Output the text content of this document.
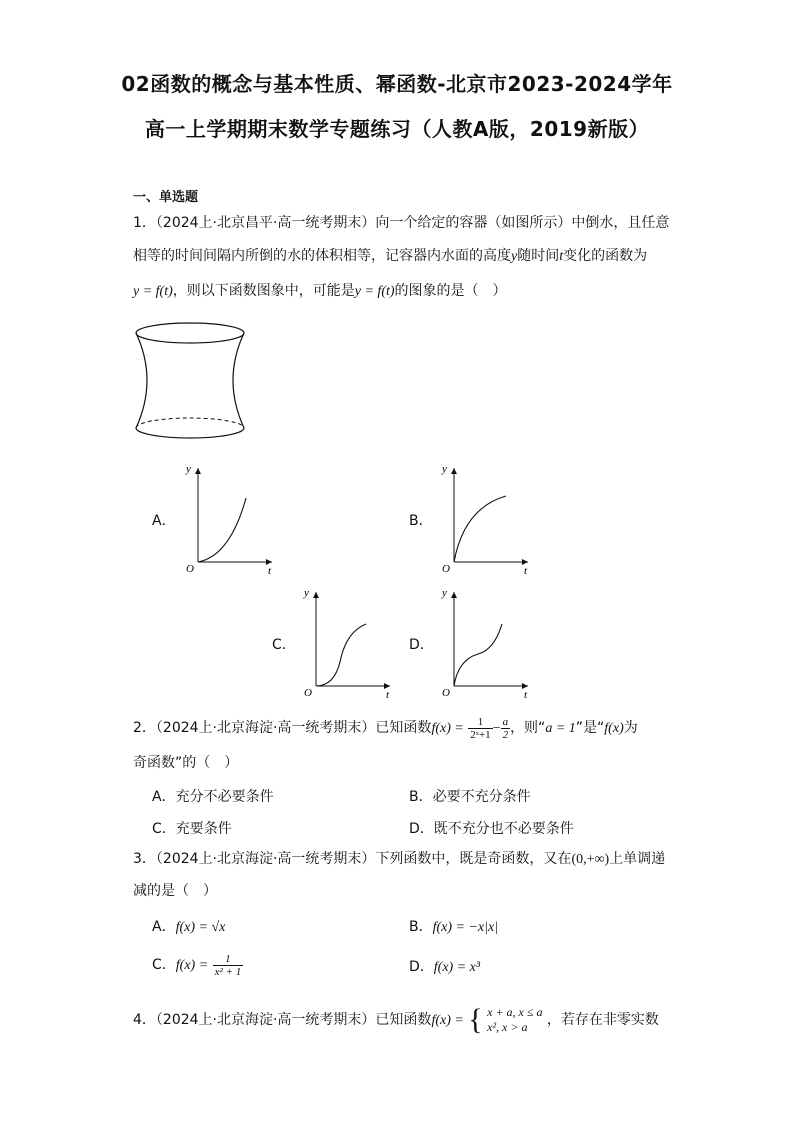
02函数的概念与基本性质、幂函数-北京市2023-2024学年
高一上学期期末数学专题练习（人教A版，2019新版）
一、单选题
1．（2024上·北京昌平·高一统考期末）向一个给定的容器（如图所示）中倒水，且任意
相等的时间间隔内所倒的水的体积相等，记容器内水面的高度y随时间t变化的函数为
y = f(t)，则以下函数图象中，可能是y = f(t)的图象的是（　）
A．
O	t
y
B．
O	t
y
C．
O	t
y
D．
O	t
y
2．（2024上·北京海淀·高一统考期末）已知函数$f(x) = \frac{1}{\text{2ˣ+1}} - \frac{a}{2}$ ，则“a = 1”是“f(x)为
奇函数”的（　）
A．充分不必要条件	B．必要不充分条件
C．充要条件	D．既不充分也不必要条件
3．（2024上·北京海淀·高一统考期末）下列函数中，既是奇函数，又在(0,+∞)上单调递
减的是（　）
A．f(x) = √x	B．f(x) = −x|x|
C．$f(x) = \frac{1}{\text{x² + 1}}$	D．f(x) = x³
4．（2024上·北京海淀·高一统考期末）已知函数f(x) = { x + a, x ≤ a
x², x > a	，若存在非零实数
